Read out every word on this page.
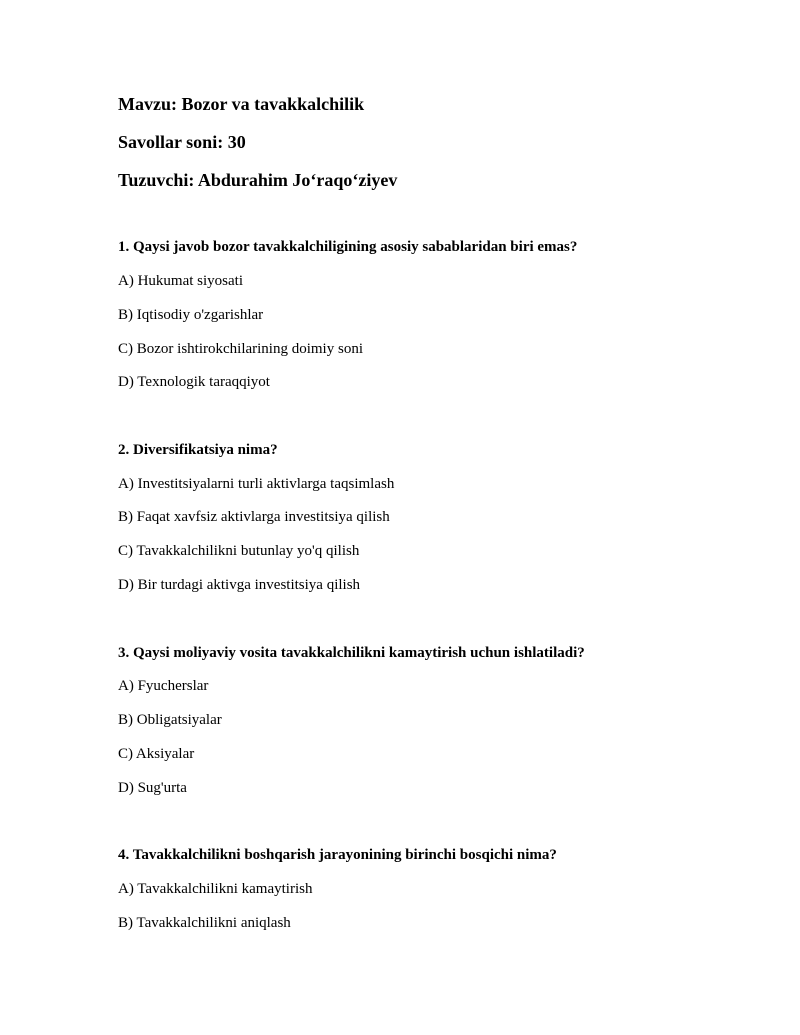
Mavzu: Bozor va tavakkalchilik
Savollar soni: 30
Tuzuvchi: Abdurahim Jo‘raqo‘ziyev
1. Qaysi javob bozor tavakkalchiligining asosiy sabablaridan biri emas?
A) Hukumat siyosati
B) Iqtisodiy o'zgarishlar
C) Bozor ishtirokchilarining doimiy soni
D) Texnologik taraqqiyot
2. Diversifikatsiya nima?
A) Investitsiyalarni turli aktivlarga taqsimlash
B) Faqat xavfsiz aktivlarga investitsiya qilish
C) Tavakkalchilikni butunlay yo'q qilish
D) Bir turdagi aktivga investitsiya qilish
3. Qaysi moliyaviy vosita tavakkalchilikni kamaytirish uchun ishlatiladi?
A) Fyucherslar
B) Obligatsiyalar
C) Aksiyalar
D) Sug'urta
4. Tavakkalchilikni boshqarish jarayonining birinchi bosqichi nima?
A) Tavakkalchilikni kamaytirish
B) Tavakkalchilikni aniqlash
